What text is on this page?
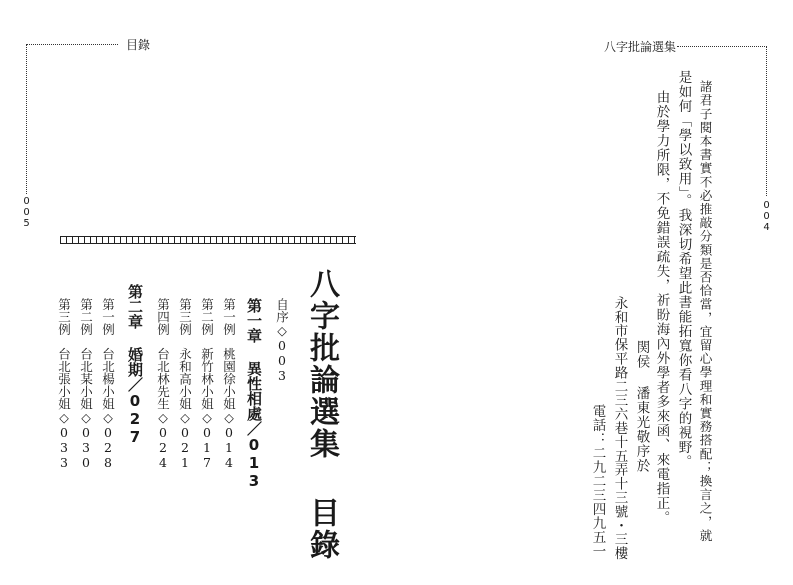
目錄
005
八字批論選集 目錄
自序◇003
第一章 異性相處／013
第一例桃園徐小姐◇014
第二例新竹林小姐◇017
第三例永和高小姐◇021
第四例台北林先生◇024
第二章 婚期／027
第一例台北楊小姐◇028
第二例台北某小姐◇030
第三例台北張小姐◇033
八字批論選集
004
諸君子閱本書實不必推敲分類是否恰當，宜留心學理和實務搭配；換言之，就
是如何「學以致用」。我深切希望此書能拓寬你看八字的視野。
由於學力所限，不免錯誤疏失，祈盼海內外學者多來函、來電指正。
関侯 潘東光敬序於
永和市保平路二三六巷十五弄十三號・三樓
電話：二九二三四九五一
